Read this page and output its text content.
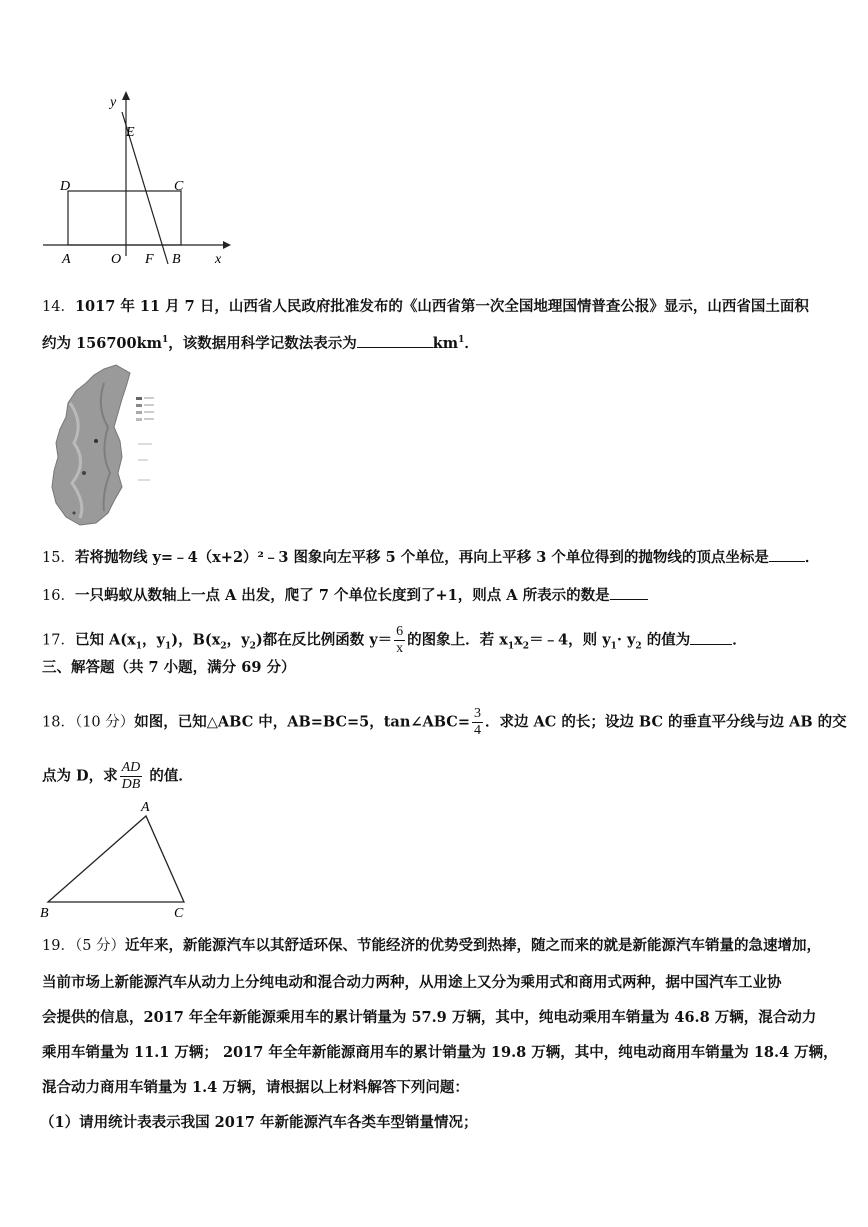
y
E
D	C
A	O F B x
14．1017 年 11 月 7 日，山西省人民政府批准发布的《山西省第一次全国地理国情普查公报》显示，山西省国土面积
约为 $156700km^1$，该数据用科学记数法表示为	$km^1$．
15．若将抛物线 y=﹣4（x+2）²﹣3 图象向左平移 5 个单位，再向上平移 3 个单位得到的抛物线的顶点坐标是 ．
16．一只蚂蚁从数轴上一点 A 出发，爬了 7 个单位长度到了+1，则点 A 所表示的数是
17．已知 $A(x_1$，$y_1$)，$B(x_2$，$y_2$)都在反比例函数 $y= \frac{6}{x}$ 的图象上．若 $x_1x_2=﹣4$，则 $y_1\cdot y_2$ 的值为	．
三、解答题（共 7 小题，满分 69 分）
18．（10 分）如图，已知△ABC 中，AB=BC=5，tan∠ABC= $\frac{3}{4}$ ．求边 AC 的长；设边 BC 的垂直平分线与边 AB 的交
点为 D，求 $\frac{AD}{DB}$ 的值．
A
B	C
19．（5 分）近年来，新能源汽车以其舒适环保、节能经济的优势受到热捧，随之而来的就是新能源汽车销量的急速增加，
当前市场上新能源汽车从动力上分纯电动和混合动力两种，从用途上又分为乘用式和商用式两种，据中国汽车工业协
会提供的信息，2017 年全年新能源乘用车的累计销量为 57.9 万辆，其中，纯电动乘用车销量为 46.8 万辆，混合动力
乘用车销量为 11.1 万辆； 2017 年全年新能源商用车的累计销量为 19.8 万辆，其中，纯电动商用车销量为 18.4 万辆，
混合动力商用车销量为 1.4 万辆，请根据以上材料解答下列问题：
（1）请用统计表表示我国 2017 年新能源汽车各类车型销量情况；
